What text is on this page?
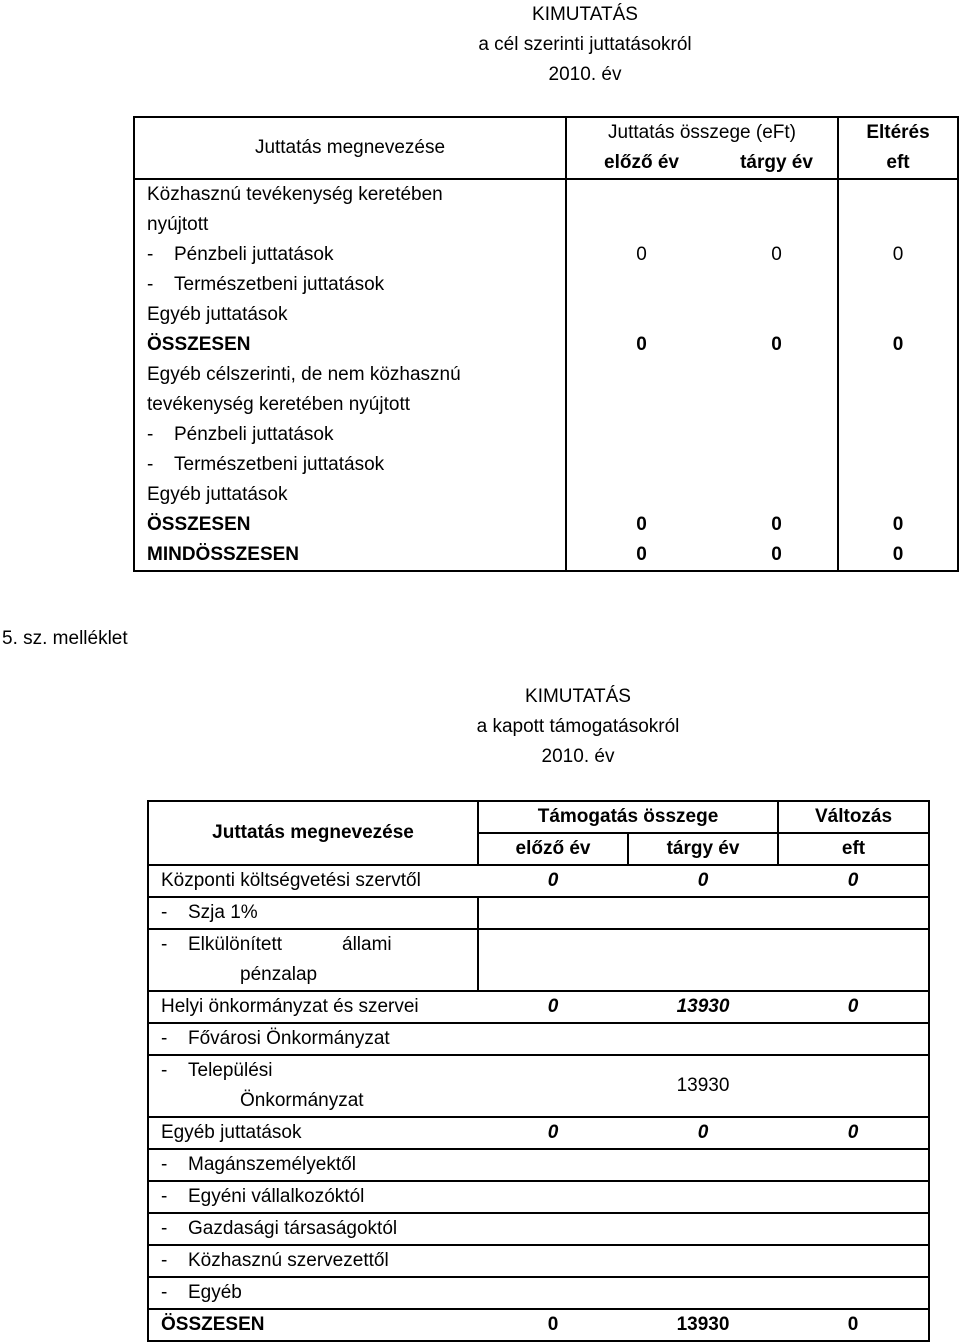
KIMUTATÁS
a cél szerinti juttatásokról
2010. év
Juttatás megnevezése	Juttatás összege (eFt)		Eltérés
	előző év	tárgy év	eft
Közhasznú tevékenység keretében			
nyújtott			
- Pénzbeli juttatások	0	0	0
- Természetbeni juttatások			
Egyéb juttatások			
ÖSSZESEN	0	0	0
Egyéb célszerinti, de nem közhasznú			
tevékenység keretében nyújtott			
- Pénzbeli juttatások			
- Természetbeni juttatások			
Egyéb juttatások			
ÖSSZESEN	0	0	0
MINDÖSSZESEN	0	0	0
5. sz. melléklet
KIMUTATÁS
a kapott támogatásokról
2010. év
Juttatás megnevezése	Támogatás összege		Változás
	előző év	tárgy év	eft
Központi költségvetési szervtől	0	0	0
- Szja 1%			
- Elkülönített állami			
pénzalap			
Helyi önkormányzat és szervei	0	13930	0
- Fővárosi Önkormányzat			
- Települési		13930	
Önkormányzat			
Egyéb juttatások	0	0	0
- Magánszemélyektől			
- Egyéni vállalkozóktól			
- Gazdasági társaságoktól			
- Közhasznú szervezettől			
- Egyéb			
ÖSSZESEN	0	13930	0
